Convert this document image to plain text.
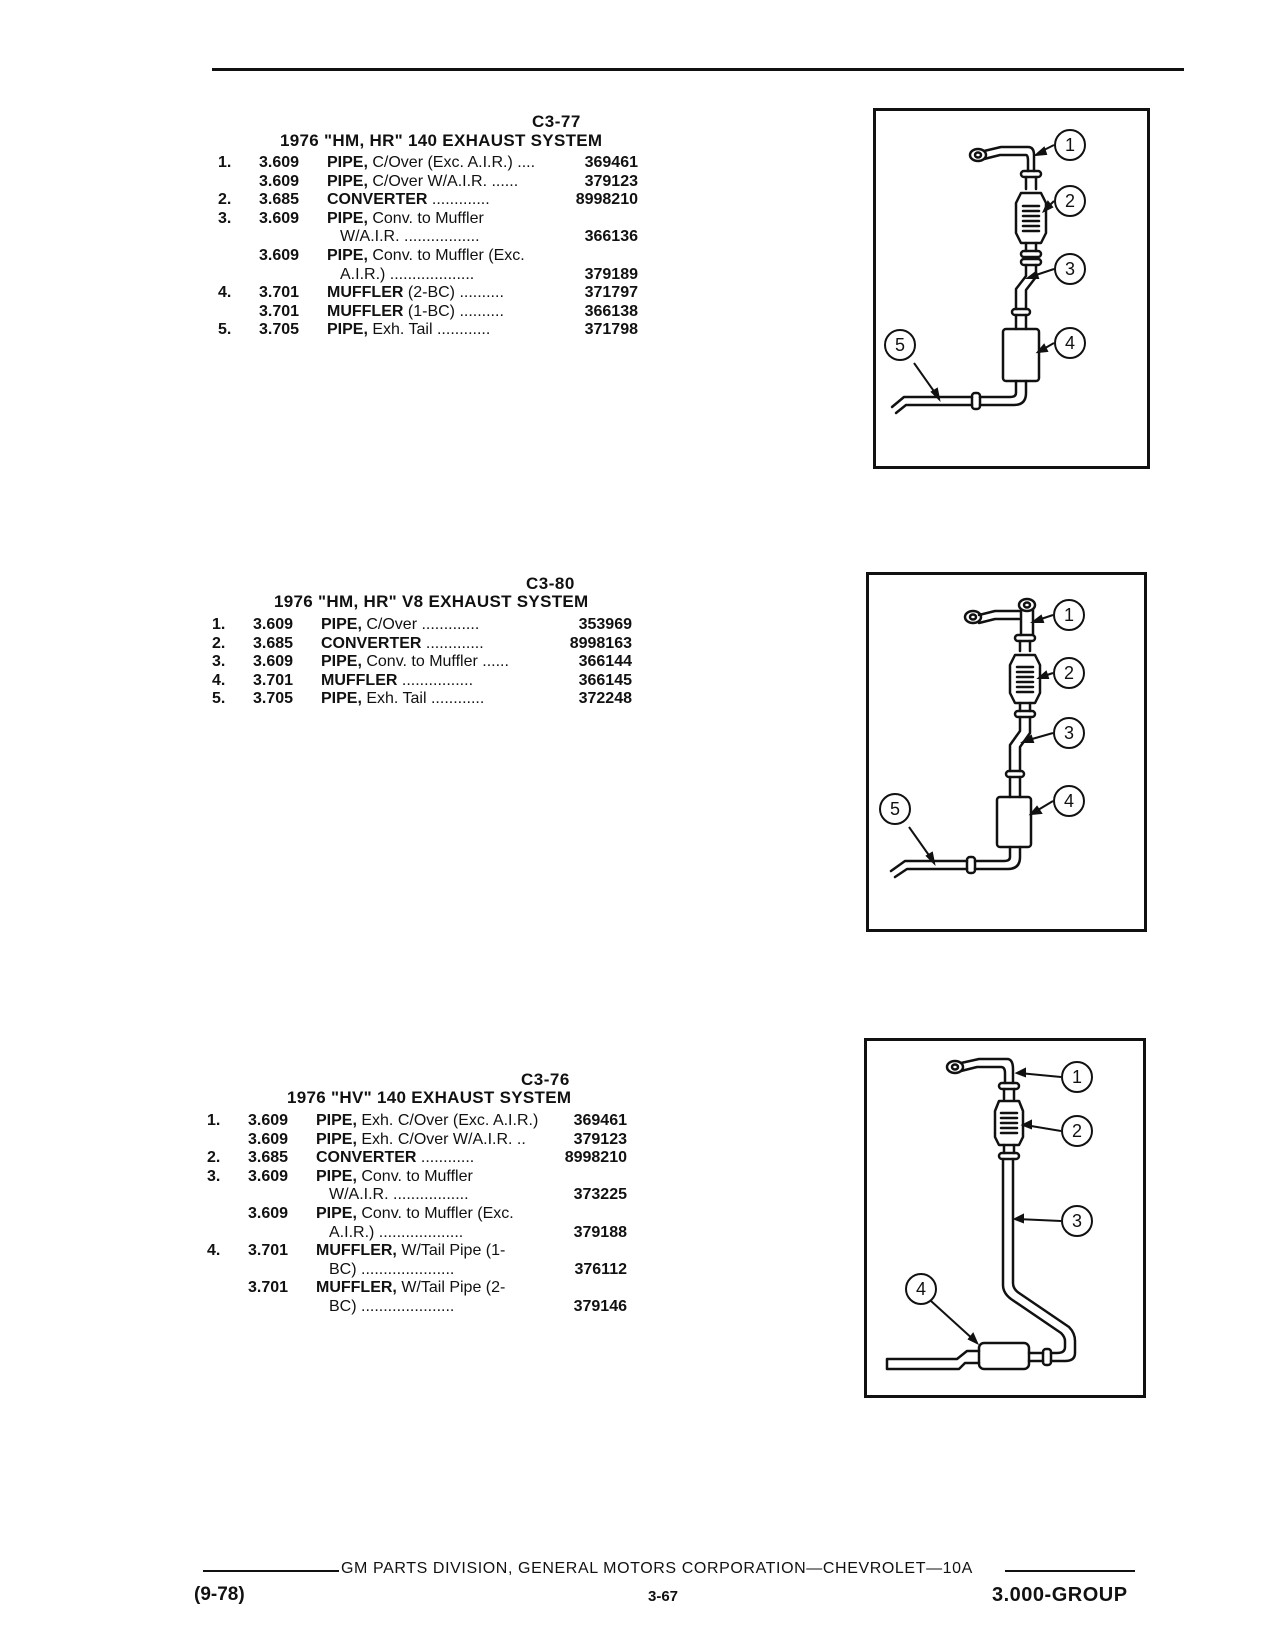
C3-77
1976 "HM, HR" 140 EXHAUST SYSTEM
1. 3.609 PIPE, C/Over (Exc. A.I.R.) ....	369461
3.609 PIPE, C/Over W/A.I.R. ......	379123
2. 3.685 CONVERTER .............	8998210
3. 3.609 PIPE, Conv. to Muffler
W/A.I.R. .................	366136
3.609 PIPE, Conv. to Muffler (Exc.
A.I.R.) ...................	379189
4. 3.701 MUFFLER (2-BC) ..........	371797
3.701 MUFFLER (1-BC) ..........	366138
5. 3.705 PIPE, Exh. Tail ............	371798
1
2
3
4
5
C3-80
1976 "HM, HR" V8 EXHAUST SYSTEM
1. 3.609 PIPE, C/Over .............	353969
2. 3.685 CONVERTER .............	8998163
3. 3.609 PIPE, Conv. to Muffler ......	366144
4. 3.701 MUFFLER ................	366145
5. 3.705 PIPE, Exh. Tail ............	372248
1
2
3
4
5
C3-76
1976 "HV" 140 EXHAUST SYSTEM
1. 3.609 PIPE, Exh. C/Over (Exc. A.I.R.)	369461
3.609 PIPE, Exh. C/Over W/A.I.R. ..	379123
2. 3.685 CONVERTER ............	8998210
3. 3.609 PIPE, Conv. to Muffler
W/A.I.R. .................	373225
3.609 PIPE, Conv. to Muffler (Exc.
A.I.R.) ...................	379188
4. 3.701 MUFFLER, W/Tail Pipe (1-
BC) .....................	376112
3.701 MUFFLER, W/Tail Pipe (2-
BC) .....................	379146
1
2
3
4
GM PARTS DIVISION, GENERAL MOTORS CORPORATION—CHEVROLET—10A
(9-78)	3-67	3.000-GROUP
